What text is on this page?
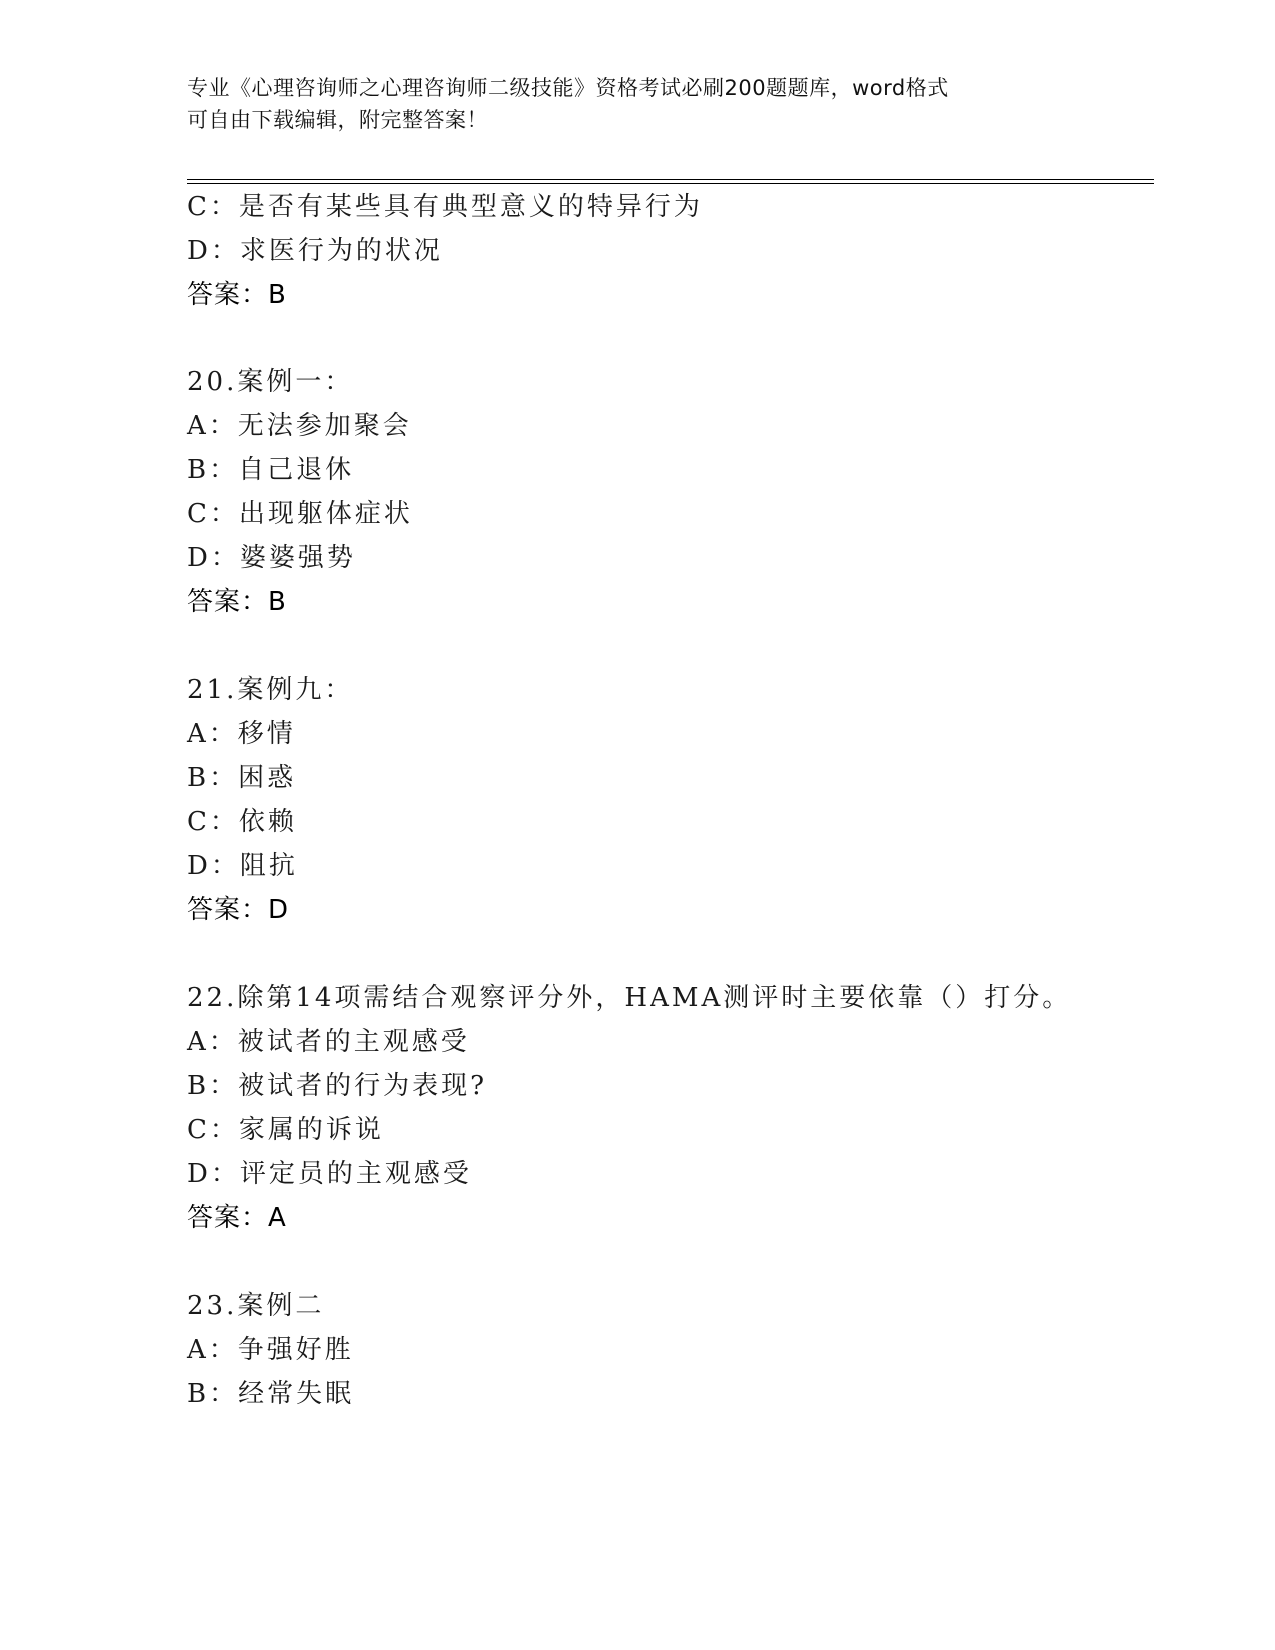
专业《心理咨询师之心理咨询师二级技能》资格考试必刷200题题库，word格式
可自由下载编辑，附完整答案！
C：是否有某些具有典型意义的特异行为
D：求医行为的状况
答案：B
20.案例一：
A：无法参加聚会
B：自己退休
C：出现躯体症状
D：婆婆强势
答案：B
21.案例九：
A：移情
B：困惑
C：依赖
D：阻抗
答案：D
22.除第14项需结合观察评分外，HAMA测评时主要依靠（）打分。
A：被试者的主观感受
B：被试者的行为表现?
C：家属的诉说
D：评定员的主观感受
答案：A
23.案例二
A：争强好胜
B：经常失眠
